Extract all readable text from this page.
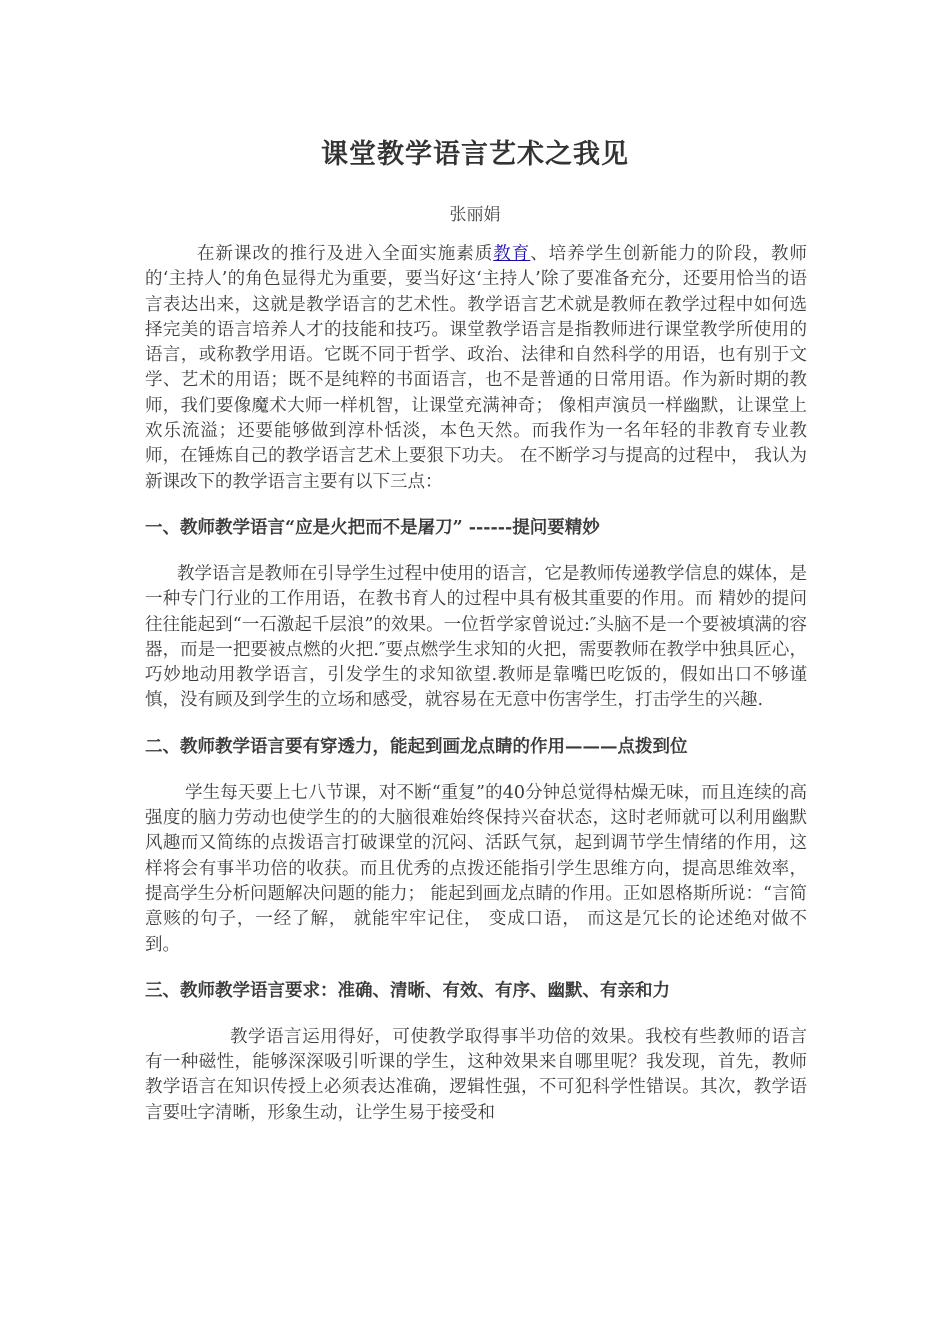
课堂教学语言艺术之我见
张丽娟

在新课改的推行及进入全面实施素质教育、培养学生创新能力的阶段，教师的‘主持人’的角色显得尤为重要，要当好这‘主持人’除了要准备充分，还要用恰当的语言表达出来，这就是教学语言的艺术性。教学语言艺术就是教师在教学过程中如何选择完美的语言培养人才的技能和技巧。课堂教学语言是指教师进行课堂教学所使用的语言，或称教学用语。它既不同于哲学、政治、法律和自然科学的用语，也有别于文学、艺术的用语；既不是纯粹的书面语言，也不是普通的日常用语。作为新时期的教师，我们要像魔术大师一样机智，让课堂充满神奇； 像相声演员一样幽默，让课堂上欢乐流溢；还要能够做到淳朴恬淡，本色天然。而我作为一名年轻的非教育专业教师，在锤炼自己的教学语言艺术上要狠下功夫。 在不断学习与提高的过程中， 我认为新课改下的教学语言主要有以下三点：

一、教师教学语言“应是火把而不是屠刀” ------提问要精妙

教学语言是教师在引导学生过程中使用的语言，它是教师传递教学信息的媒体，是一种专门行业的工作用语，在教书育人的过程中具有极其重要的作用。而 精妙的提问往往能起到“一石激起千层浪”的效果。一位哲学家曾说过:″头脑不是一个要被填满的容器，而是一把要被点燃的火把.″要点燃学生求知的火把，需要教师在教学中独具匠心，巧妙地动用教学语言，引发学生的求知欲望.教师是靠嘴巴吃饭的，假如出口不够谨慎，没有顾及到学生的立场和感受，就容易在无意中伤害学生，打击学生的兴趣.

二、教师教学语言要有穿透力，能起到画龙点睛的作用———点拨到位

学生每天要上七八节课，对不断“重复”的40分钟总觉得枯燥无味，而且连续的高强度的脑力劳动也使学生的的大脑很难始终保持兴奋状态，这时老师就可以利用幽默风趣而又简练的点拨语言打破课堂的沉闷、活跃气氛，起到调节学生情绪的作用，这样将会有事半功倍的收获。而且优秀的点拨还能指引学生思维方向，提高思维效率，提高学生分析问题解决问题的能力； 能起到画龙点睛的作用。正如恩格斯所说：“言简意赅的句子，一经了解， 就能牢牢记住， 变成口语， 而这是冗长的论述绝对做不到。

三、教师教学语言要求：准确、清晰、有效、有序、幽默、有亲和力

教学语言运用得好，可使教学取得事半功倍的效果。我校有些教师的语言有一种磁性，能够深深吸引听课的学生，这种效果来自哪里呢？我发现，首先，教师教学语言在知识传授上必须表达准确，逻辑性强，不可犯科学性错误。其次，教学语言要吐字清晰，形象生动，让学生易于接受和
